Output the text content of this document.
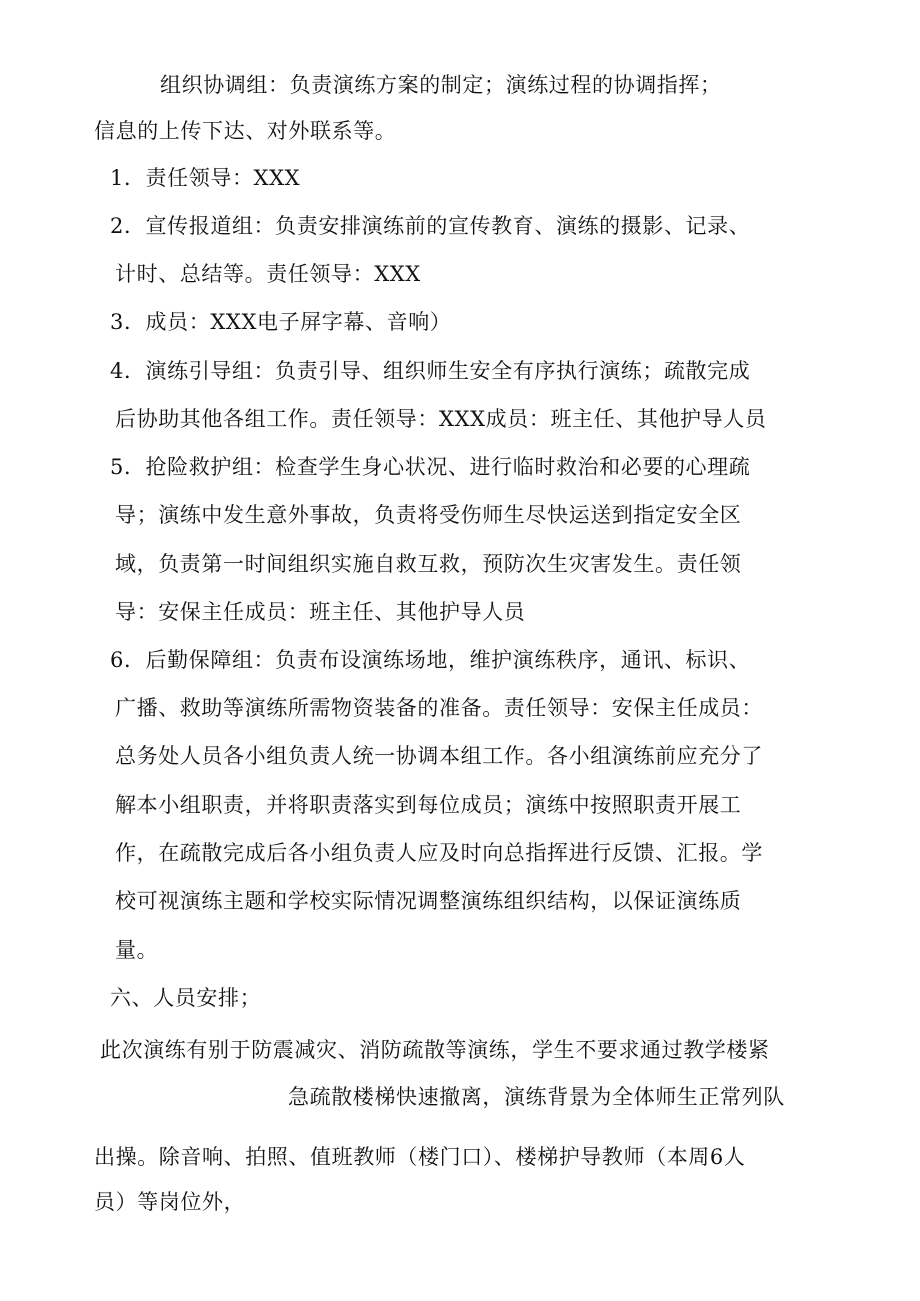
组织协调组：负责演练方案的制定；演练过程的协调指挥；
信息的上传下达、对外联系等。
1．责任领导：XXX
2．宣传报道组：负责安排演练前的宣传教育、演练的摄影、记录、
计时、总结等。责任领导：XXX
3．成员：XXX电子屏字幕、音响）
4．演练引导组：负责引导、组织师生安全有序执行演练；疏散完成
后协助其他各组工作。责任领导：XXX成员：班主任、其他护导人员
5．抢险救护组：检查学生身心状况、进行临时救治和必要的心理疏
导；演练中发生意外事故，负责将受伤师生尽快运送到指定安全区
域，负责第一时间组织实施自救互救，预防次生灾害发生。责任领
导：安保主任成员：班主任、其他护导人员
6．后勤保障组：负责布设演练场地，维护演练秩序，通讯、标识、
广播、救助等演练所需物资装备的准备。责任领导：安保主任成员：
总务处人员各小组负责人统一协调本组工作。各小组演练前应充分了
解本小组职责，并将职责落实到每位成员；演练中按照职责开展工
作，在疏散完成后各小组负责人应及时向总指挥进行反馈、汇报。学
校可视演练主题和学校实际情况调整演练组织结构，以保证演练质
量。
六、人员安排；
此次演练有别于防震减灾、消防疏散等演练，学生不要求通过教学楼紧
急疏散楼梯快速撤离，演练背景为全体师生正常列队
出操。除音响、拍照、值班教师（楼门口）、楼梯护导教师（本周6人
员）等岗位外，
